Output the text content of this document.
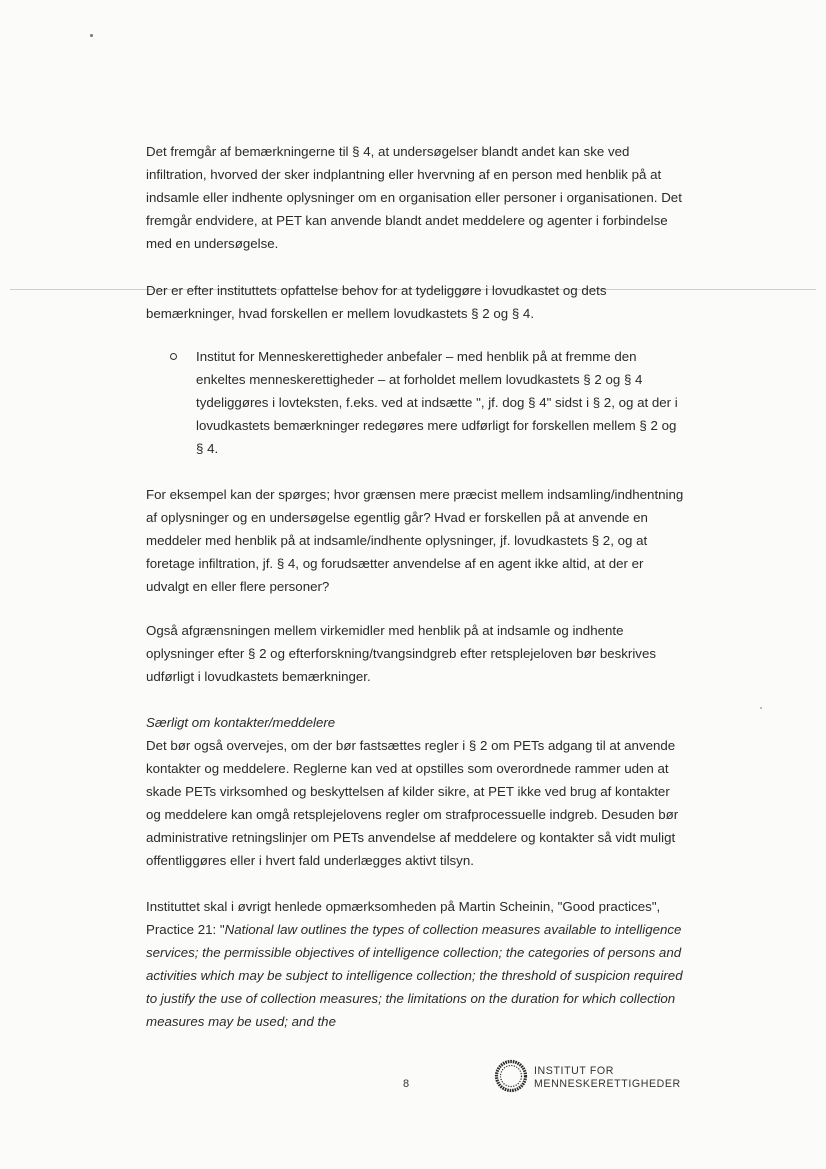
Det fremgår af bemærkningerne til § 4, at undersøgelser blandt andet kan ske ved infiltration, hvorved der sker indplantning eller hvervning af en person med henblik på at indsamle eller indhente oplysninger om en organisation eller personer i organisationen. Det fremgår endvidere, at PET kan anvende blandt andet meddelere og agenter i forbindelse med en undersøgelse.

Der er efter instituttets opfattelse behov for at tydeliggøre i lovudkastet og dets bemærkninger, hvad forskellen er mellem lovudkastets § 2 og § 4.

Institut for Menneskerettigheder anbefaler – med henblik på at fremme den enkeltes menneskerettigheder – at forholdet mellem lovudkastets § 2 og § 4 tydeliggøres i lovteksten, f.eks. ved at indsætte ", jf. dog § 4" sidst i § 2, og at der i lovudkastets bemærkninger redegøres mere udførligt for forskellen mellem § 2 og § 4.

For eksempel kan der spørges; hvor grænsen mere præcist mellem indsamling/indhentning af oplysninger og en undersøgelse egentlig går? Hvad er forskellen på at anvende en meddeler med henblik på at indsamle/indhente oplysninger, jf. lovudkastets § 2, og at foretage infiltration, jf. § 4, og forudsætter anvendelse af en agent ikke altid, at der er udvalgt en eller flere personer?

Også afgrænsningen mellem virkemidler med henblik på at indsamle og indhente oplysninger efter § 2 og efterforskning/tvangsindgreb efter retsplejeloven bør beskrives udførligt i lovudkastets bemærkninger.

Særligt om kontakter/meddelere

Det bør også overvejes, om der bør fastsættes regler i § 2 om PETs adgang til at anvende kontakter og meddelere. Reglerne kan ved at opstilles som overordnede rammer uden at skade PETs virksomhed og beskyttelsen af kilder sikre, at PET ikke ved brug af kontakter og meddelere kan omgå retsplejelovens regler om strafprocessuelle indgreb. Desuden bør administrative retningslinjer om PETs anvendelse af meddelere og kontakter så vidt muligt offentliggøres eller i hvert fald underlægges aktivt tilsyn.

Instituttet skal i øvrigt henlede opmærksomheden på Martin Scheinin, "Good practices", Practice 21: "National law outlines the types of collection measures available to intelligence services; the permissible objectives of intelligence collection; the categories of persons and activities which may be subject to intelligence collection; the threshold of suspicion required to justify the use of collection measures; the limitations on the duration for which collection measures may be used; and the

8
INSTITUT FOR
MENNESKERETTIGHEDER
